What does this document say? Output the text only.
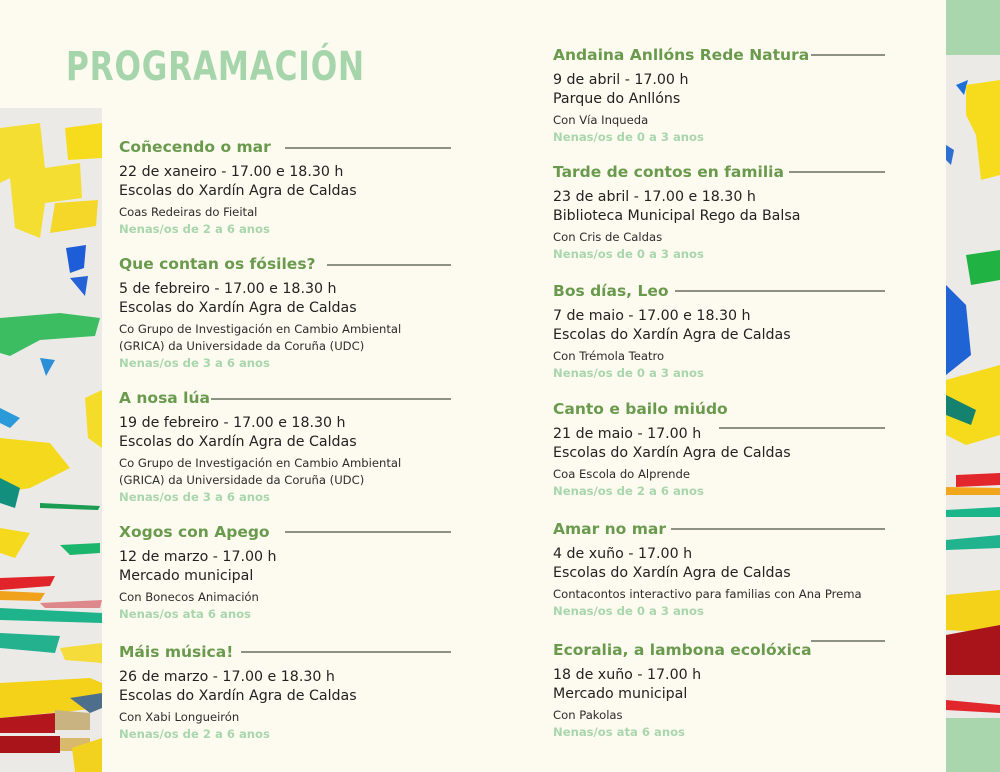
PROGRAMACIÓN
Coñecendo o mar
22 de xaneiro - 17.00 e 18.30 h
Escolas do Xardín Agra de Caldas
Coas Redeiras do Fieital
Nenas/os de 2 a 6 anos
Que contan os fósiles?
5 de febreiro - 17.00 e 18.30 h
Escolas do Xardín Agra de Caldas
Co Grupo de Investigación en Cambio Ambiental (GRICA) da Universidade da Coruña (UDC)
Nenas/os de 3 a 6 anos
A nosa lúa
19 de febreiro - 17.00 e 18.30 h
Escolas do Xardín Agra de Caldas
Co Grupo de Investigación en Cambio Ambiental (GRICA) da Universidade da Coruña (UDC)
Nenas/os de 3 a 6 anos
Xogos con Apego
12 de marzo - 17.00 h
Mercado municipal
Con Bonecos Animación
Nenas/os ata 6 anos
Máis música!
26 de marzo - 17.00 e 18.30 h
Escolas do Xardín Agra de Caldas
Con Xabi Longueirón
Nenas/os de 2 a 6 anos
Andaina Anllóns Rede Natura
9 de abril - 17.00 h
Parque do Anllóns
Con Vía Inqueda
Nenas/os de 0 a 3 anos
Tarde de contos en familia
23 de abril - 17.00 e 18.30 h
Biblioteca Municipal Rego da Balsa
Con Cris de Caldas
Nenas/os de 0 a 3 anos
Bos días, Leo
7 de maio - 17.00 e 18.30 h
Escolas do Xardín Agra de Caldas
Con Trémola Teatro
Nenas/os de 0 a 3 anos
Canto e bailo miúdo
21 de maio - 17.00 h
Escolas do Xardín Agra de Caldas
Coa Escola do Alprende
Nenas/os de 2 a 6 anos
Amar no mar
4 de xuño - 17.00 h
Escolas do Xardín Agra de Caldas
Contacontos interactivo para familias con Ana Prema
Nenas/os de 0 a 3 anos
Ecoralia, a lambona ecolóxica
18 de xuño - 17.00 h
Mercado municipal
Con Pakolas
Nenas/os ata 6 anos
